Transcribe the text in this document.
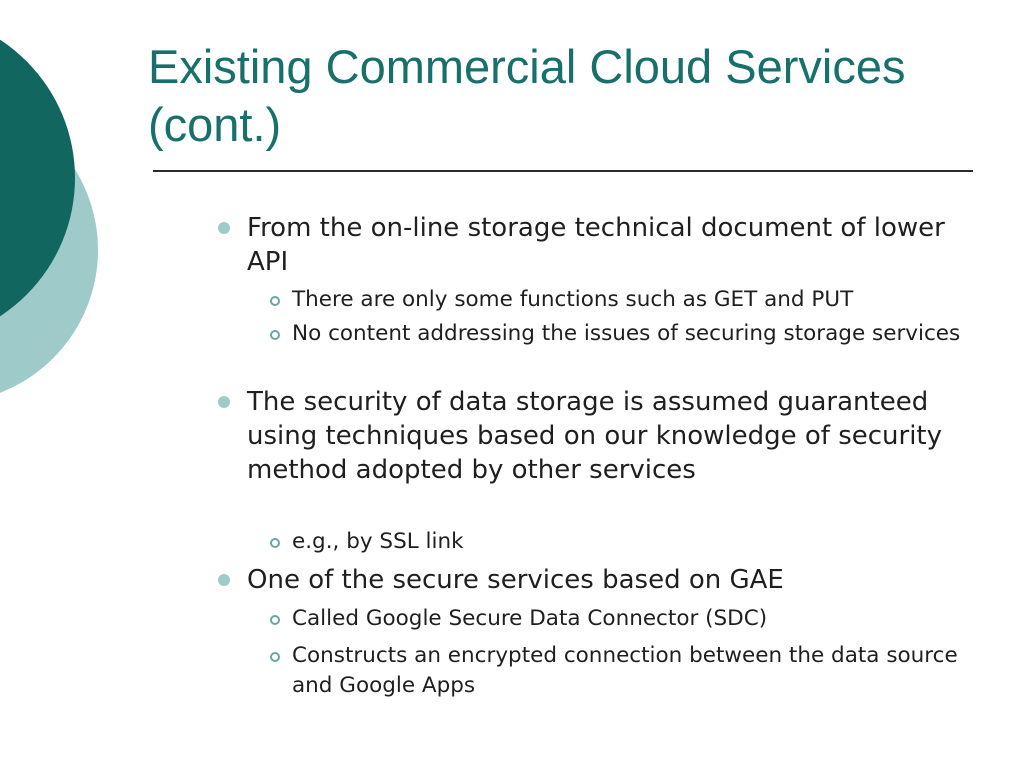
Existing Commercial Cloud Services (cont.)
From the on-line storage technical document of lower API
There are only some functions such as GET and PUT
No content addressing the issues of securing storage services
The security of data storage is assumed guaranteed using techniques based on our knowledge of security method adopted by other services
e.g., by SSL link
One of the secure services based on GAE
Called Google Secure Data Connector (SDC)
Constructs an encrypted connection between the data source and Google Apps
